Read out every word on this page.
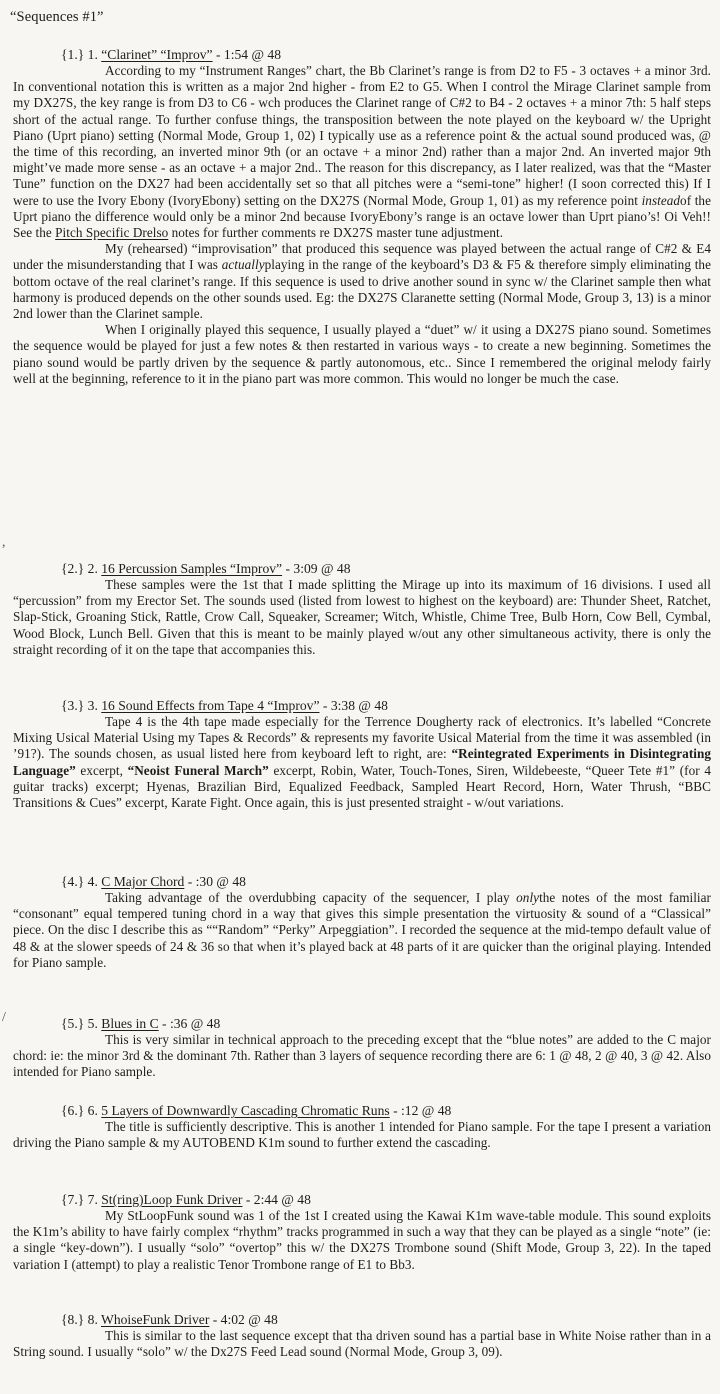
“Sequences #1”

{1.} 1. “Clarinet” “Improv” - 1:54 @ 48

According to my “Instrument Ranges” chart, the Bb Clarinet’s range is from D2 to F5 - 3 octaves + a minor 3rd. In conventional notation this is written as a major 2nd higher - from E2 to G5. When I control the Mirage Clarinet sample from my DX27S, the key range is from D3 to C6 - wch produces the Clarinet range of C#2 to B4 - 2 octaves + a minor 7th: 5 half steps short of the actual range. To further confuse things, the transposition between the note played on the keyboard w/ the Upright Piano (Uprt piano) setting (Normal Mode, Group 1, 02) I typically use as a reference point & the actual sound produced was, @ the time of this recording, an inverted minor 9th (or an octave + a minor 2nd) rather than a major 2nd. An inverted major 9th might’ve made more sense - as an octave + a major 2nd.. The reason for this discrepancy, as I later realized, was that the “Master Tune” function on the DX27 had been accidentally set so that all pitches were a “semi-tone” higher! (I soon corrected this) If I were to use the Ivory Ebony (IvoryEbony) setting on the DX27S (Normal Mode, Group 1, 01) as my reference point insteadof the Uprt piano the difference would only be a minor 2nd because IvoryEbony’s range is an octave lower than Uprt piano’s! Oi Veh!! See the Pitch Specific Drelso notes for further comments re DX27S master tune adjustment.

My (rehearsed) “improvisation” that produced this sequence was played between the actual range of C#2 & E4 under the misunderstanding that I was actuallyplaying in the range of the keyboard’s D3 & F5 & therefore simply eliminating the bottom octave of the real clarinet’s range. If this sequence is used to drive another sound in sync w/ the Clarinet sample then what harmony is produced depends on the other sounds used. Eg: the DX27S Claranette setting (Normal Mode, Group 3, 13) is a minor 2nd lower than the Clarinet sample.

When I originally played this sequence, I usually played a “duet” w/ it using a DX27S piano sound. Sometimes the sequence would be played for just a few notes & then restarted in various ways - to create a new beginning. Sometimes the piano sound would be partly driven by the sequence & partly autonomous, etc.. Since I remembered the original melody fairly well at the beginning, reference to it in the piano part was more common. This would no longer be much the case.

{2.} 2. 16 Percussion Samples “Improv” - 3:09 @ 48

These samples were the 1st that I made splitting the Mirage up into its maximum of 16 divisions. I used all “percussion” from my Erector Set. The sounds used (listed from lowest to highest on the keyboard) are: Thunder Sheet, Ratchet, Slap-Stick, Groaning Stick, Rattle, Crow Call, Squeaker, Screamer; Witch, Whistle, Chime Tree, Bulb Horn, Cow Bell, Cymbal, Wood Block, Lunch Bell. Given that this is meant to be mainly played w/out any other simultaneous activity, there is only the straight recording of it on the tape that accompanies this.

{3.} 3. 16 Sound Effects from Tape 4 “Improv” - 3:38 @ 48

Tape 4 is the 4th tape made especially for the Terrence Dougherty rack of electronics. It’s labelled “Concrete Mixing Usical Material Using my Tapes & Records” & represents my favorite Usical Material from the time it was assembled (in ’91?). The sounds chosen, as usual listed here from keyboard left to right, are: “Reintegrated Experiments in Disintegrating Language” excerpt, “Neoist Funeral March” excerpt, Robin, Water, Touch-Tones, Siren, Wildebeeste, “Queer Tete #1” (for 4 guitar tracks) excerpt; Hyenas, Brazilian Bird, Equalized Feedback, Sampled Heart Record, Horn, Water Thrush, “BBC Transitions & Cues” excerpt, Karate Fight. Once again, this is just presented straight - w/out variations.

{4.} 4. C Major Chord - :30 @ 48

Taking advantage of the overdubbing capacity of the sequencer, I play onlythe notes of the most familiar “consonant” equal tempered tuning chord in a way that gives this simple presentation the virtuosity & sound of a “Classical” piece. On the disc I describe this as ““Random” “Perky” Arpeggiation”. I recorded the sequence at the mid-tempo default value of 48 & at the slower speeds of 24 & 36 so that when it’s played back at 48 parts of it are quicker than the original playing. Intended for Piano sample.

{5.} 5. Blues in C - :36 @ 48

This is very similar in technical approach to the preceding except that the “blue notes” are added to the C major chord: ie: the minor 3rd & the dominant 7th. Rather than 3 layers of sequence recording there are 6: 1 @ 48, 2 @ 40, 3 @ 42. Also intended for Piano sample.

{6.} 6. 5 Layers of Downwardly Cascading Chromatic Runs - :12 @ 48

The title is sufficiently descriptive. This is another 1 intended for Piano sample. For the tape I present a variation driving the Piano sample & my AUTOBEND K1m sound to further extend the cascading.

{7.} 7. St(ring)Loop Funk Driver - 2:44 @ 48

My StLoopFunk sound was 1 of the 1st I created using the Kawai K1m wave-table module. This sound exploits the K1m’s ability to have fairly complex “rhythm” tracks programmed in such a way that they can be played as a single “note” (ie: a single “key-down”). I usually “solo” “overtop” this w/ the DX27S Trombone sound (Shift Mode, Group 3, 22). In the taped variation I (attempt) to play a realistic Tenor Trombone range of E1 to Bb3.

{8.} 8. WhoiseFunk Driver - 4:02 @ 48

This is similar to the last sequence except that tha driven sound has a partial base in White Noise rather than in a String sound. I usually “solo” w/ the Dx27S Feed Lead sound (Normal Mode, Group 3, 09).

,
/
